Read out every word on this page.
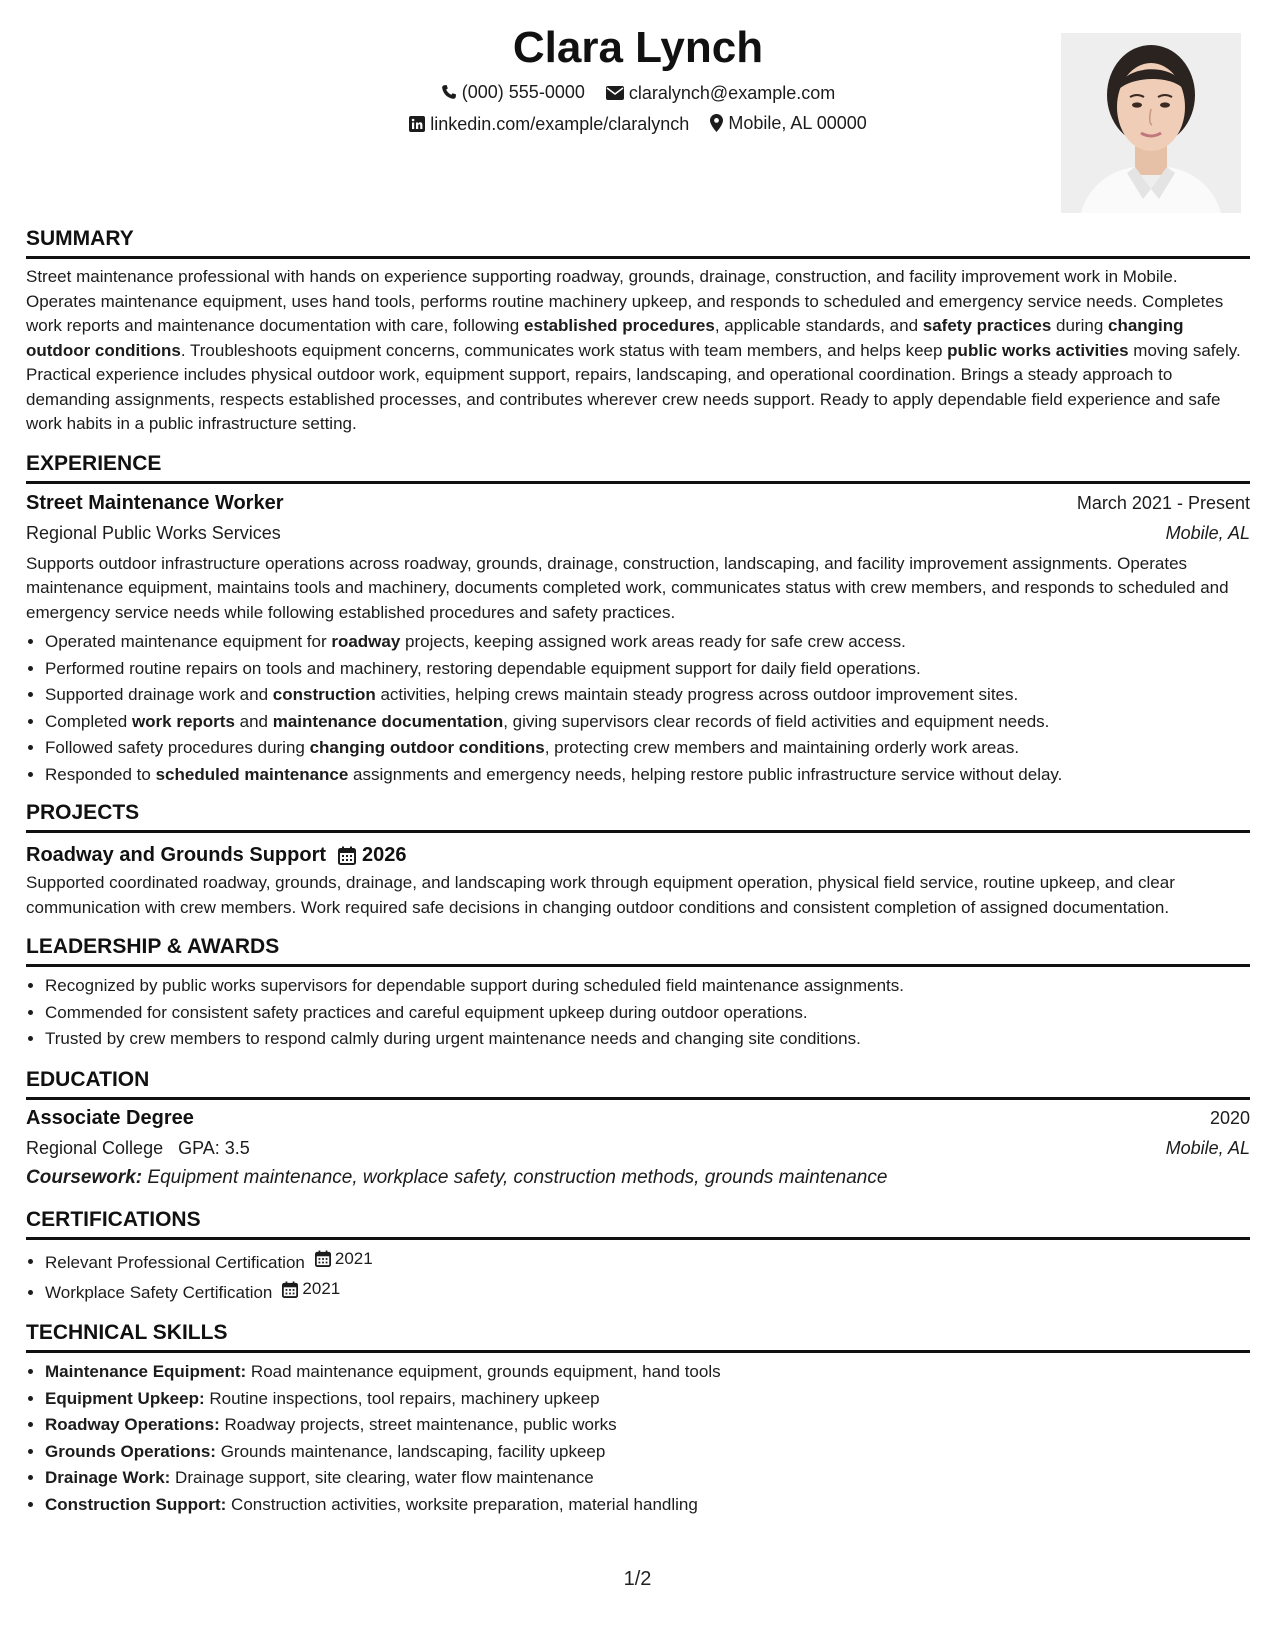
Clara Lynch
(000) 555-0000
claralynch@example.com
linkedin.com/example/claralynch
Mobile, AL 00000
SUMMARY

Street maintenance professional with hands on experience supporting roadway, grounds, drainage, construction, and facility improvement work in Mobile. Operates maintenance equipment, uses hand tools, performs routine machinery upkeep, and responds to scheduled and emergency service needs. Completes work reports and maintenance documentation with care, following established procedures, applicable standards, and safety practices during changing outdoor conditions. Troubleshoots equipment concerns, communicates work status with team members, and helps keep public works activities moving safely. Practical experience includes physical outdoor work, equipment support, repairs, landscaping, and operational coordination. Brings a steady approach to demanding assignments, respects established processes, and contributes wherever crew needs support. Ready to apply dependable field experience and safe work habits in a public infrastructure setting.

EXPERIENCE
Street Maintenance Worker	March 2021 - Present
Regional Public Works Services	Mobile, AL

Supports outdoor infrastructure operations across roadway, grounds, drainage, construction, landscaping, and facility improvement assignments. Operates maintenance equipment, maintains tools and machinery, documents completed work, communicates status with crew members, and responds to scheduled and emergency service needs while following established procedures and safety practices.

• Operated maintenance equipment for roadway projects, keeping assigned work areas ready for safe crew access.
• Performed routine repairs on tools and machinery, restoring dependable equipment support for daily field operations.
• Supported drainage work and construction activities, helping crews maintain steady progress across outdoor improvement sites.
• Completed work reports and maintenance documentation, giving supervisors clear records of field activities and equipment needs.
• Followed safety procedures during changing outdoor conditions, protecting crew members and maintaining orderly work areas.
• Responded to scheduled maintenance assignments and emergency needs, helping restore public infrastructure service without delay.
PROJECTS
Roadway and Grounds Support 2026

Supported coordinated roadway, grounds, drainage, and landscaping work through equipment operation, physical field service, routine upkeep, and clear communication with crew members. Work required safe decisions in changing outdoor conditions and consistent completion of assigned documentation.

LEADERSHIP & AWARDS
• Recognized by public works supervisors for dependable support during scheduled field maintenance assignments.
• Commended for consistent safety practices and careful equipment upkeep during outdoor operations.
• Trusted by crew members to respond calmly during urgent maintenance needs and changing site conditions.
EDUCATION
Associate Degree	2020
Regional College GPA: 3.5	Mobile, AL
Coursework: Equipment maintenance, workplace safety, construction methods, grounds maintenance
CERTIFICATIONS
• Relevant Professional Certification 2021
• Workplace Safety Certification 2021
TECHNICAL SKILLS
• Maintenance Equipment: Road maintenance equipment, grounds equipment, hand tools
• Equipment Upkeep: Routine inspections, tool repairs, machinery upkeep
• Roadway Operations: Roadway projects, street maintenance, public works
• Grounds Operations: Grounds maintenance, landscaping, facility upkeep
• Drainage Work: Drainage support, site clearing, water flow maintenance
• Construction Support: Construction activities, worksite preparation, material handling
1/2
